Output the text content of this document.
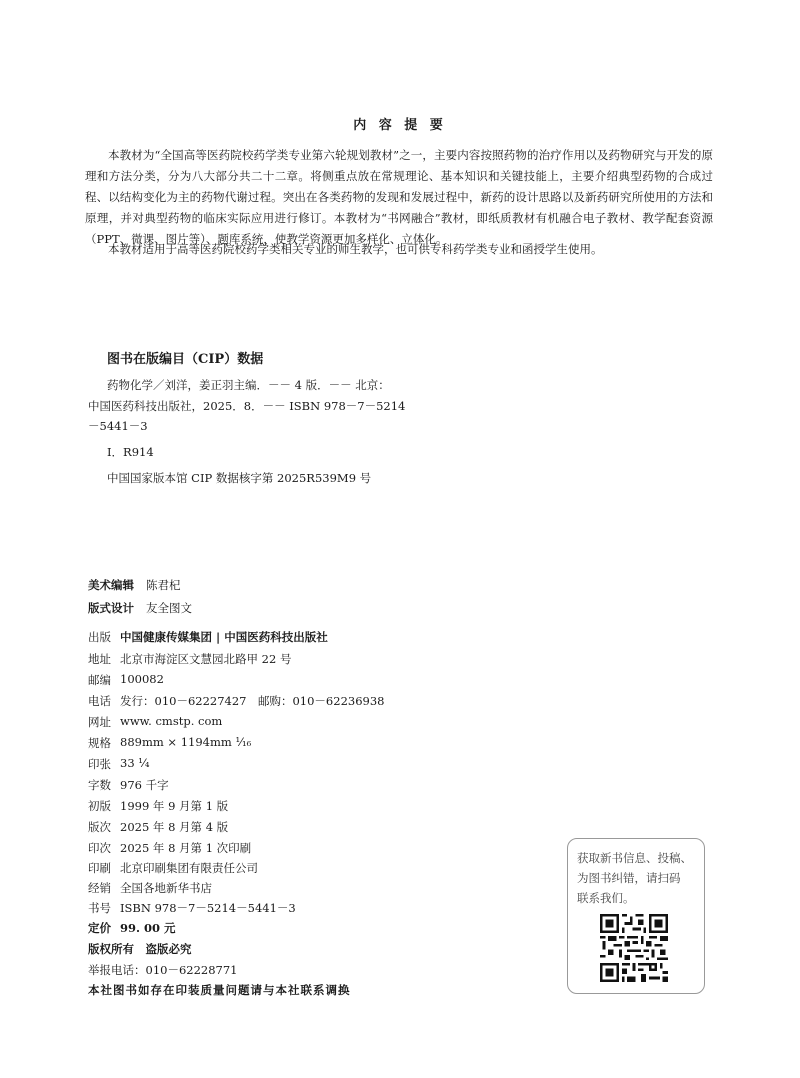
内 容 提 要
本教材为“全国高等医药院校药学类专业第六轮规划教材”之一，主要内容按照药物的治疗作用以及药物研究与开发的原理和方法分类，分为八大部分共二十二章。将侧重点放在常规理论、基本知识和关键技能上，主要介绍典型药物的合成过程、以结构变化为主的药物代谢过程。突出在各类药物的发现和发展过程中，新药的设计思路以及新药研究所使用的方法和原理，并对典型药物的临床实际应用进行修订。本教材为“书网融合”教材，即纸质教材有机融合电子教材、教学配套资源（PPT、微课、图片等）、题库系统，使教学资源更加多样化、立体化。
本教材适用于高等医药院校药学类相关专业的师生教学，也可供专科药学类专业和函授学生使用。
图书在版编目（CIP）数据
药物化学／刘洋，姜正羽主编．－－ 4 版．－－ 北京：
中国医药科技出版社，2025．8．－－ ISBN 978－7－5214
－5441－3
Ⅰ．R914
中国国家版本馆 CIP 数据核字第 2025R539M9 号
美术编辑	陈君杞
版式设计	友全图文
出版 中国健康传媒集团 | 中国医药科技出版社
地址 北京市海淀区文慧园北路甲 22 号
邮编 100082
电话 发行：010－62227427　邮购：010－62236938
网址 www. cmstp. com
规格 889mm × 1194mm ¹⁄₁₆
印张 33 ¹⁄₄
字数 976 千字
初版 1999 年 9 月第 1 版
版次 2025 年 8 月第 4 版
印次 2025 年 8 月第 1 次印刷
印刷 北京印刷集团有限责任公司
经销 全国各地新华书店
书号 ISBN 978－7－5214－5441－3
定价 99. 00 元
版权所有　盗版必究
举报电话：010－62228771
本社图书如存在印装质量问题请与本社联系调换
获取新书信息、投稿、
为图书纠错，请扫码
联系我们。
